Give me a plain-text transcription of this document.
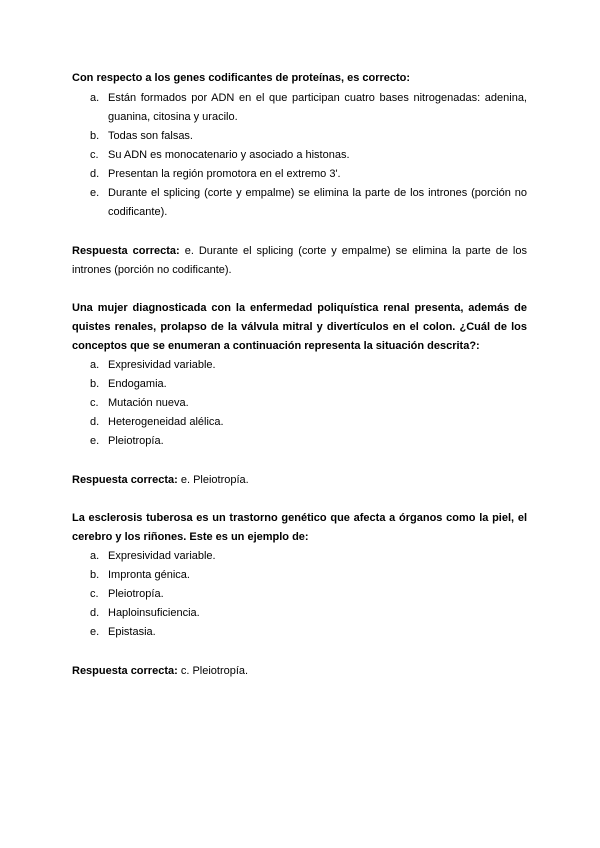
Con respecto a los genes codificantes de proteínas, es correcto:
a. Están formados por ADN en el que participan cuatro bases nitrogenadas: adenina, guanina, citosina y uracilo.
b. Todas son falsas.
c. Su ADN es monocatenario y asociado a histonas.
d. Presentan la región promotora en el extremo 3'.
e. Durante el splicing (corte y empalme) se elimina la parte de los intrones (porción no codificante).
Respuesta correcta: e. Durante el splicing (corte y empalme) se elimina la parte de los intrones (porción no codificante).
Una mujer diagnosticada con la enfermedad poliquística renal presenta, además de quistes renales, prolapso de la válvula mitral y divertículos en el colon. ¿Cuál de los conceptos que se enumeran a continuación representa la situación descrita?:
a. Expresividad variable.
b. Endogamia.
c. Mutación nueva.
d. Heterogeneidad alélica.
e. Pleiotropía.
Respuesta correcta: e. Pleiotropía.
La esclerosis tuberosa es un trastorno genético que afecta a órganos como la piel, el cerebro y los riñones. Este es un ejemplo de:
a. Expresividad variable.
b. Impronta génica.
c. Pleiotropía.
d. Haploinsuficiencia.
e. Epistasia.
Respuesta correcta: c. Pleiotropía.
